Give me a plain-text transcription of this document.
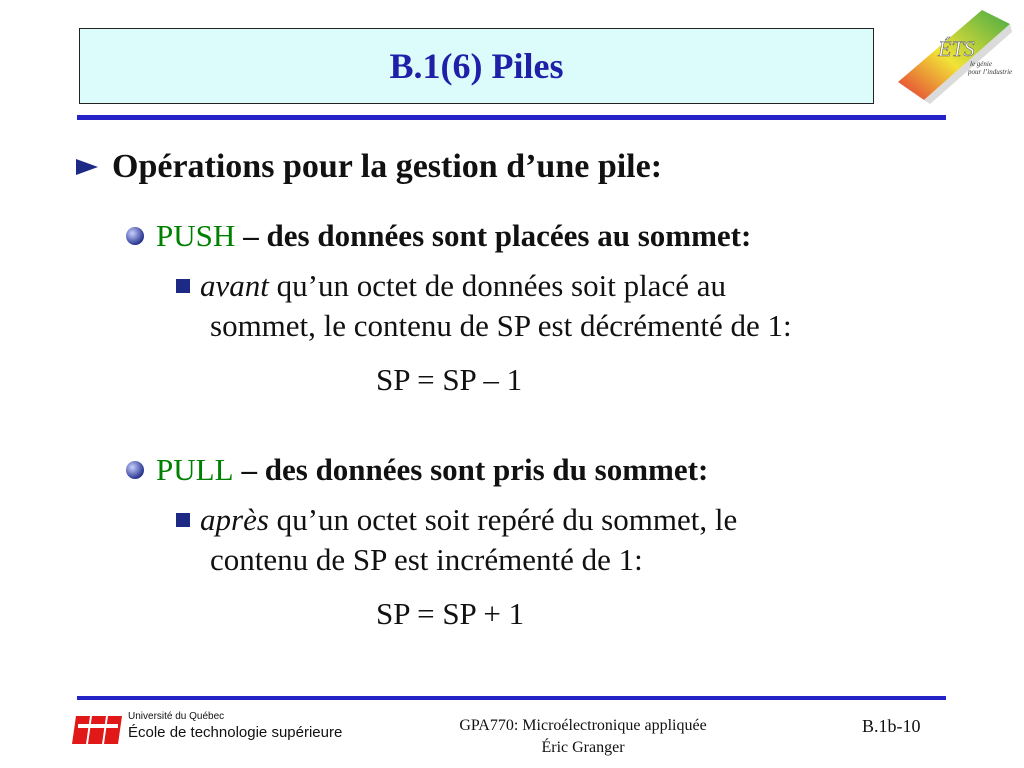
B.1(6) Piles	ÉTS
le génie
pour l’industrie
Opérations pour la gestion d’une pile:
PUSH – des données sont placées au sommet:
avant qu’un octet de données soit placé au
sommet, le contenu de SP est décrémenté de 1:
SP = SP – 1
PULL – des données sont pris du sommet:
après qu’un octet soit repéré du sommet, le
contenu de SP est incrémenté de 1:
SP = SP + 1
Université du Québec
École de technologie supérieure	GPA770: Microélectronique appliquée
Éric Granger
B.1b-10
